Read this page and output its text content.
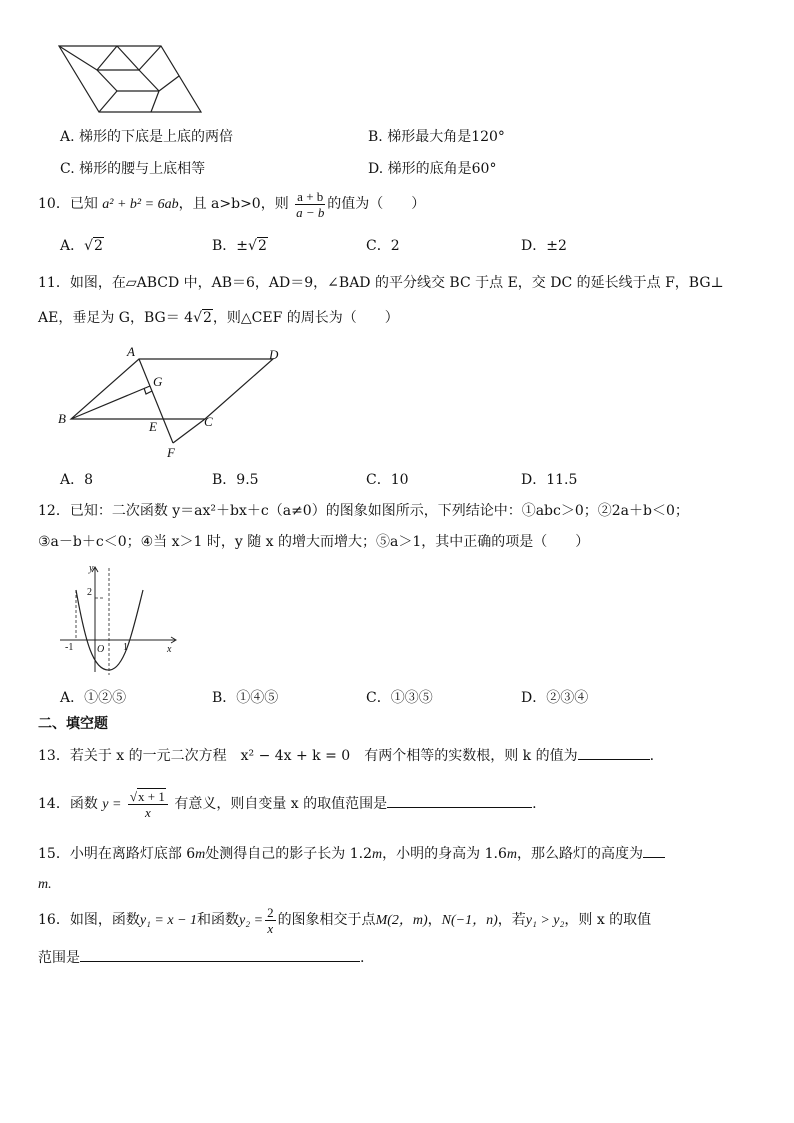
A. 梯形的下底是上底的两倍	B. 梯形最大角是120°
C. 梯形的腰与上底相等	D. 梯形的底角是60°
10．已知 a² + b² = 6ab，且 a>b>0，则 $\frac{a + b}{a - b}$ 的值为（　　）
A．√2	B．±√2	C．2	D．±2
11．如图，在▱ABCD 中，AB＝6，AD＝9，∠BAD 的平分线交 BC 于点 E，交 DC 的延长线于点 F，BG⊥
AE，垂足为 G，BG＝ 4√2，则△CEF 的周长为（　　）
A	D
B	C
E
F
G
A．8	B．9.5	C．10	D．11.5
12．已知：二次函数 y＝ax²＋bx＋c（a≠0）的图象如图所示，下列结论中：①abc＞0；②2a＋b＜0；
③a－b＋c＜0；④当 x＞1 时，y 随 x 的增大而增大；⑤a＞1，其中正确的项是（　　）
y
x
2
-1 O 1
A．①②⑤	B．①④⑤	C．①③⑤	D．②③④
二、填空题
13．若关于 x 的一元二次方程　x² − 4x + k = 0　有两个相等的实数根，则 k 的值为	.
14．函数 $y = \frac{√x + 1}{x}$ 有意义，则自变量 x 的取值范围是	.
15．小明在离路灯底部 6m处测得自己的影子长为 1.2m，小明的身高为 1.6m，那么路灯的高度为
m.
16．如图，函数y₁ = x − 1和函数$y_2 = \frac{2}{x}$ 的图象相交于点M(2，m)，N(−1，n)，若y₁ > y₂，则 x 的取值
范围是	.
